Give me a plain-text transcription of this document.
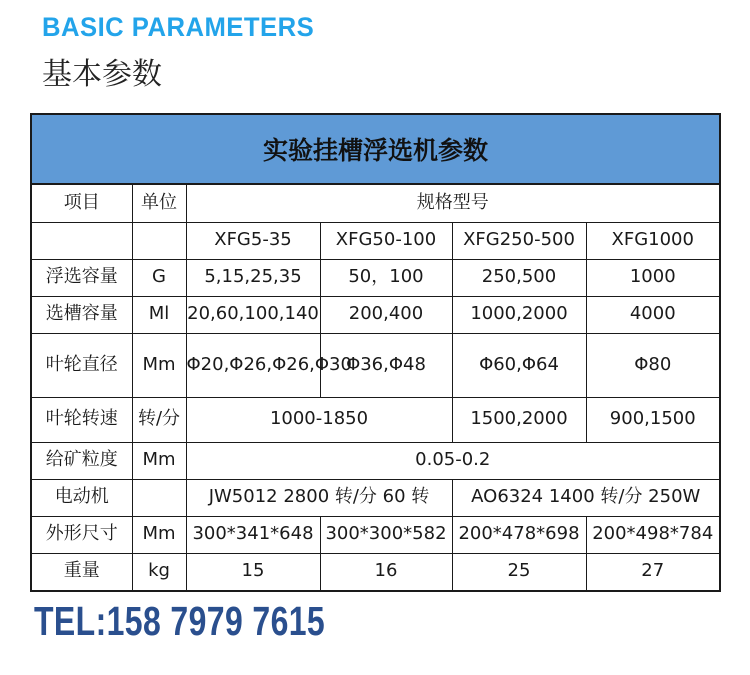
BASIC PARAMETERS
基本参数
实验挂槽浮选机参数
项目	单位	规格型号			
		XFG5-35	XFG50-100	XFG250-500	XFG1000
浮选容量	G	5,15,25,35	50，100	250,500	1000
选槽容量	Ml	20,60,100,140	200,400	1000,2000	4000
叶轮直径	Mm	Φ20,Φ26,Φ26,Φ30	Φ36,Φ48	Φ60,Φ64	Φ80
叶轮转速	转/分	1000-1850		1500,2000	900,1500
给矿粒度	Mm	0.05-0.2			
电动机		JW5012 2800 转/分 60 转		AO6324 1400 转/分 250W	
外形尺寸	Mm	300*341*648	300*300*582	200*478*698	200*498*784
重量	kg	15	16	25	27
TEL:158 7979 7615
